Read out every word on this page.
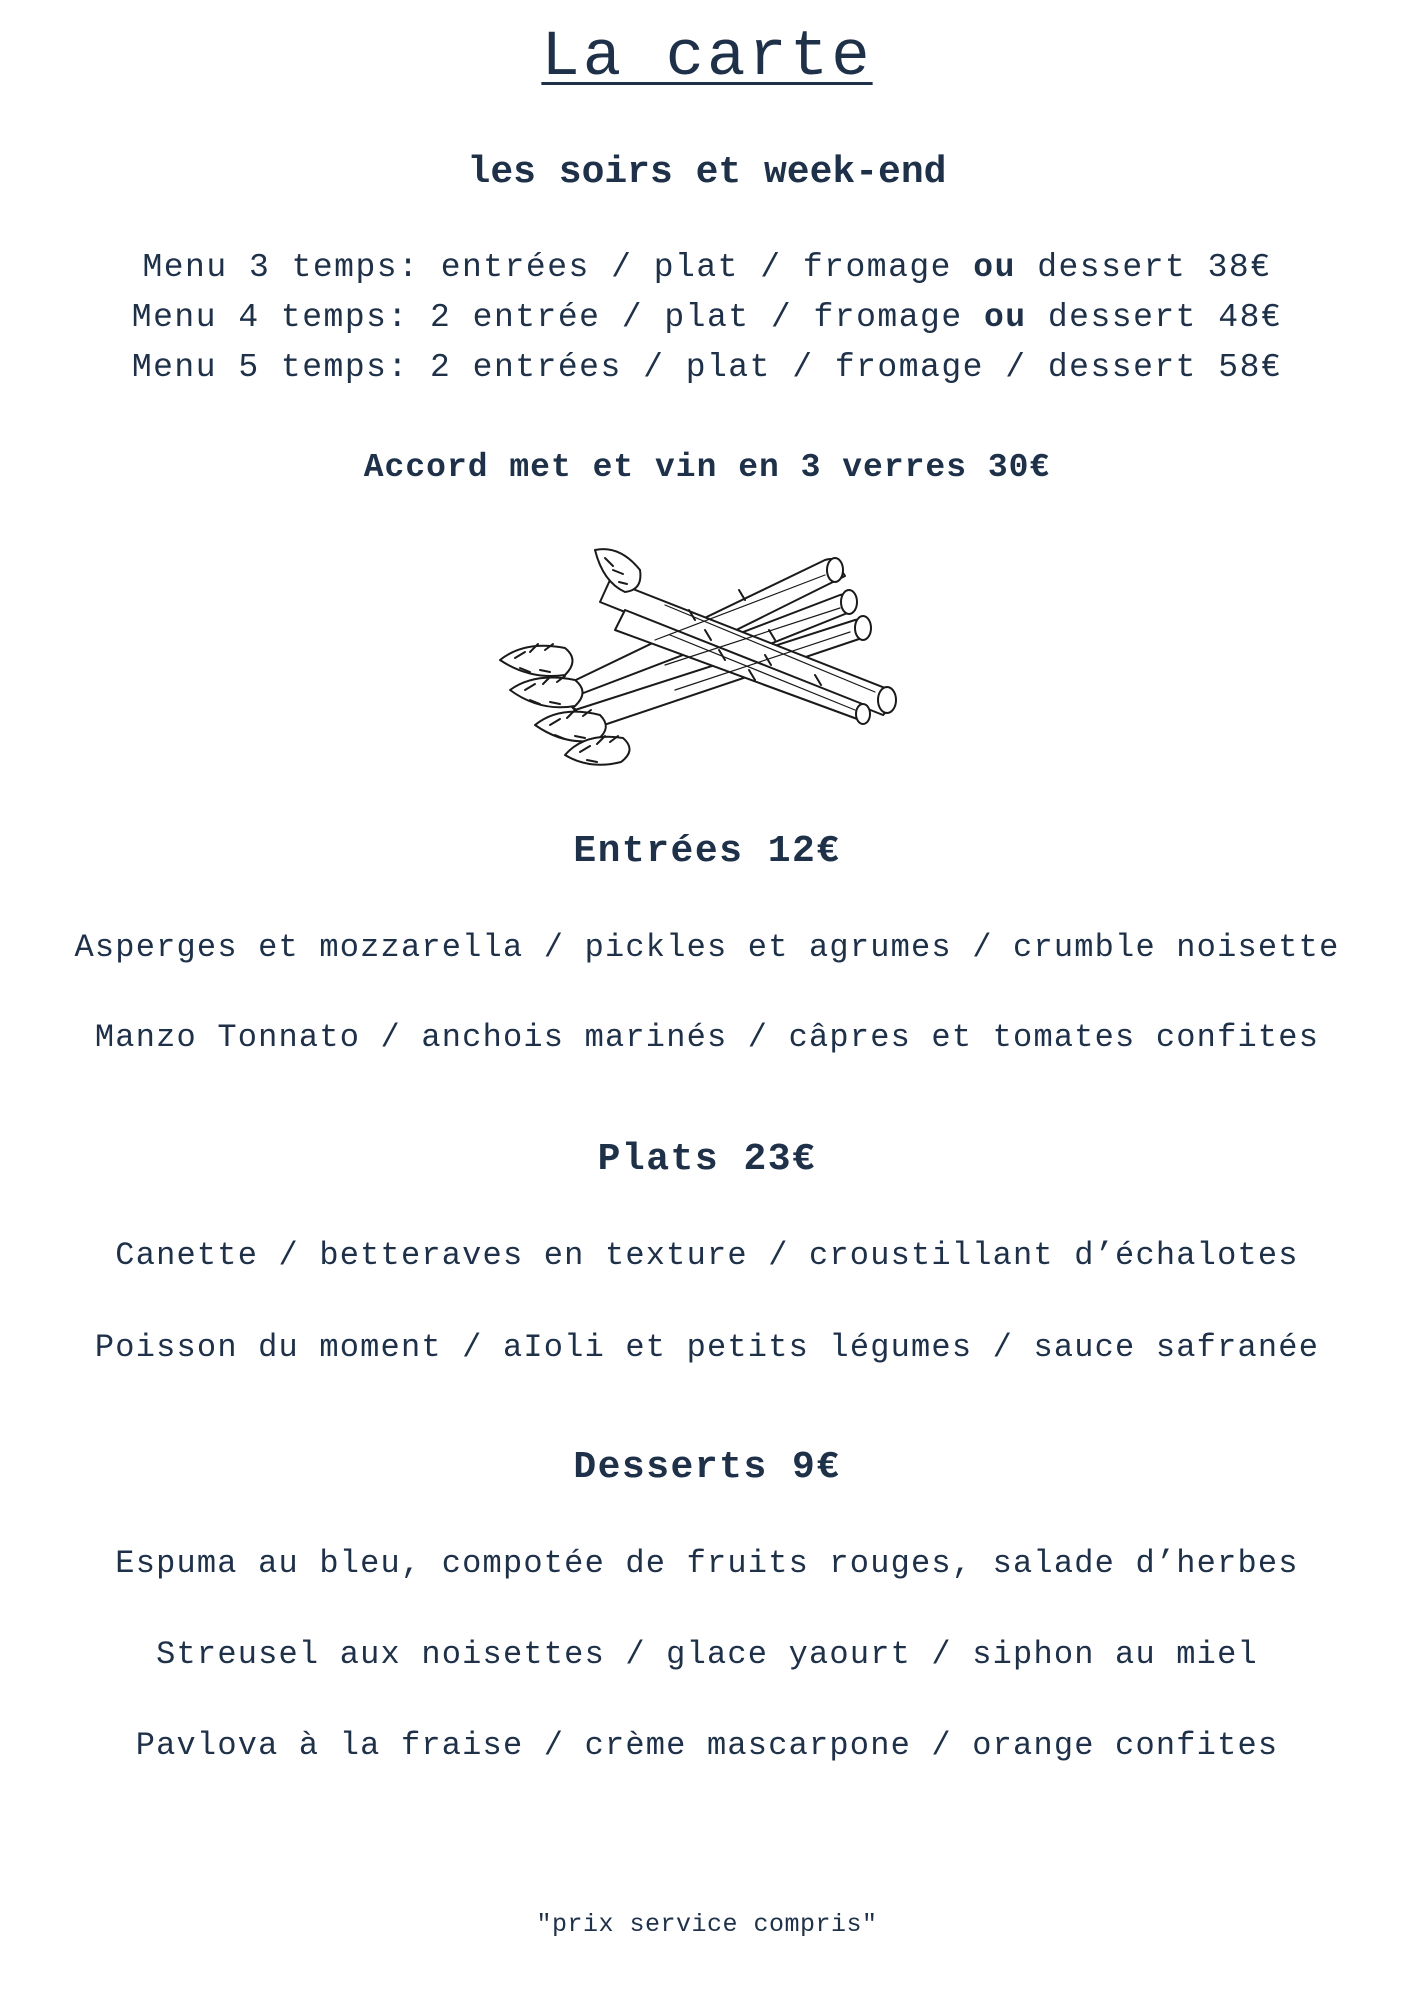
La carte
les soirs et week-end
Menu 3 temps: entrées / plat / fromage ou dessert 38€
Menu 4 temps: 2 entrée / plat / fromage ou dessert 48€
Menu 5 temps: 2 entrées / plat / fromage / dessert 58€
Accord met et vin en 3 verres 30€
Entrées 12€
Asperges et mozzarella / pickles et agrumes / crumble noisette
Manzo Tonnato / anchois marinés / câpres et tomates confites
Plats 23€
Canette / betteraves en texture / croustillant d’échalotes
Poisson du moment / aIoli et petits légumes / sauce safranée
Desserts 9€
Espuma au bleu, compotée de fruits rouges, salade d’herbes
Streusel aux noisettes / glace yaourt / siphon au miel
Pavlova à la fraise / crème mascarpone / orange confites
"prix service compris"
